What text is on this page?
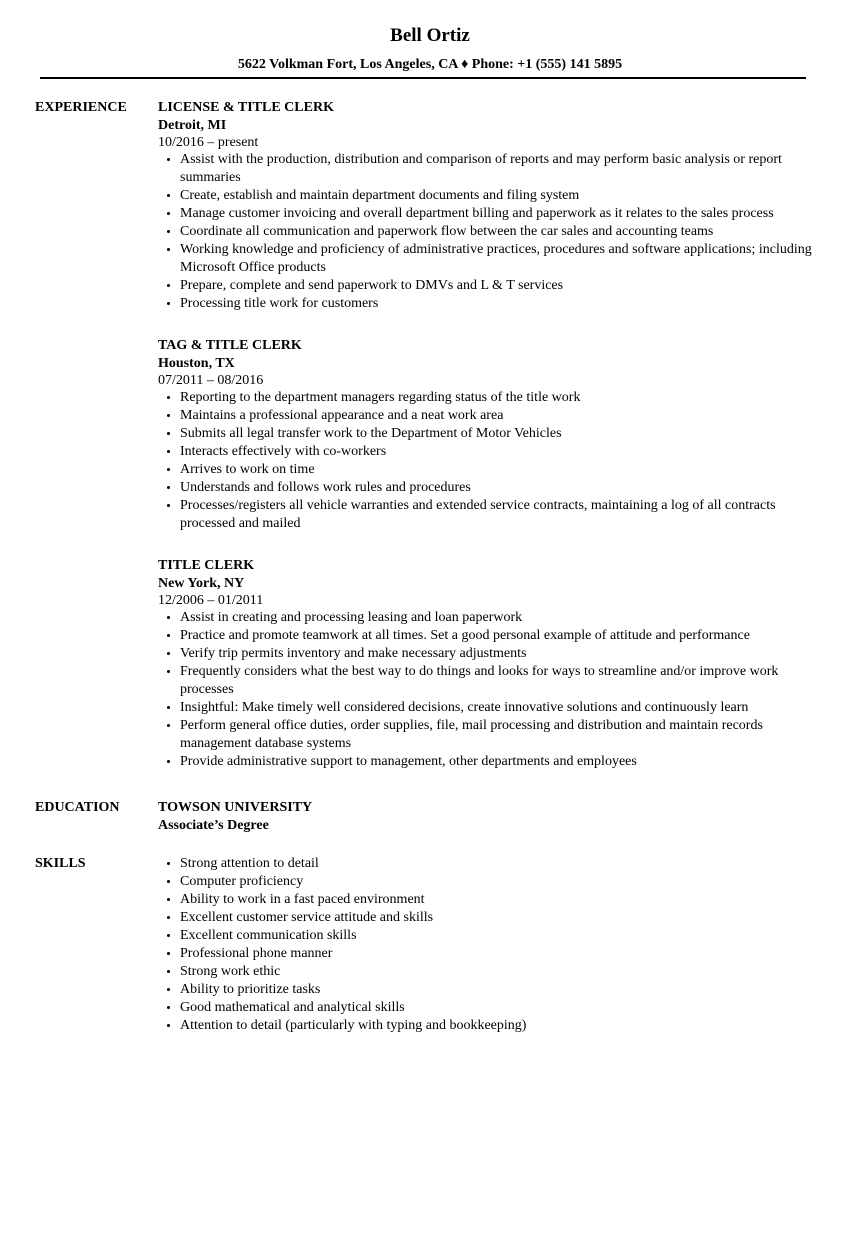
Bell Ortiz
5622 Volkman Fort, Los Angeles, CA ♦ Phone: +1 (555) 141 5895
EXPERIENCE LICENSE & TITLE CLERK
Detroit, MI
10/2016 – present
• Assist with the production, distribution and comparison of reports and may perform basic analysis or report summaries
• Create, establish and maintain department documents and filing system
• Manage customer invoicing and overall department billing and paperwork as it relates to the sales process
• Coordinate all communication and paperwork flow between the car sales and accounting teams
• Working knowledge and proficiency of administrative practices, procedures and software applications; including Microsoft Office products
• Prepare, complete and send paperwork to DMVs and L & T services
• Processing title work for customers
TAG & TITLE CLERK
Houston, TX
07/2011 – 08/2016
• Reporting to the department managers regarding status of the title work
• Maintains a professional appearance and a neat work area
• Submits all legal transfer work to the Department of Motor Vehicles
• Interacts effectively with co-workers
• Arrives to work on time
• Understands and follows work rules and procedures
• Processes/registers all vehicle warranties and extended service contracts, maintaining a log of all contracts processed and mailed
TITLE CLERK
New York, NY
12/2006 – 01/2011
• Assist in creating and processing leasing and loan paperwork
• Practice and promote teamwork at all times. Set a good personal example of attitude and performance
• Verify trip permits inventory and make necessary adjustments
• Frequently considers what the best way to do things and looks for ways to streamline and/or improve work processes
• Insightful: Make timely well considered decisions, create innovative solutions and continuously learn
• Perform general office duties, order supplies, file, mail processing and distribution and maintain records management database systems
• Provide administrative support to management, other departments and employees
EDUCATION	TOWSON UNIVERSITY
Associate’s Degree
SKILLS
•	Strong attention to detail
• Computer proficiency
• Ability to work in a fast paced environment
• Excellent customer service attitude and skills
• Excellent communication skills
• Professional phone manner
• Strong work ethic
• Ability to prioritize tasks
• Good mathematical and analytical skills
• Attention to detail (particularly with typing and bookkeeping)
